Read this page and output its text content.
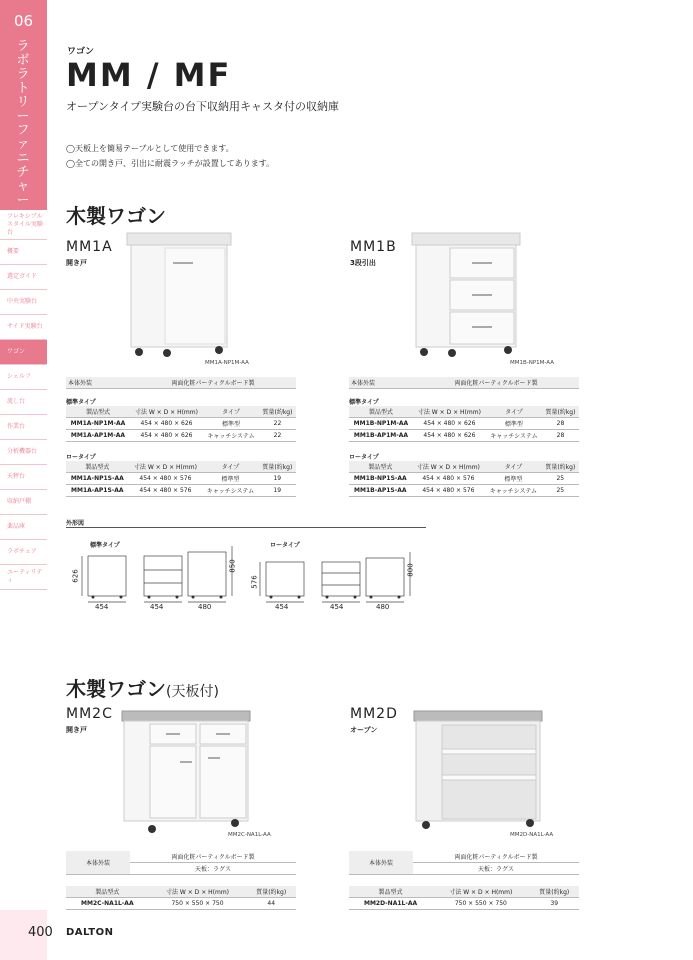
06
ラボラトリーファニチャー
フレキシブルスタイル実験台
概要
選定ガイド
中央実験台
サイド実験台
ワゴン
シェルフ
流し台
作業台
分析機器台
天秤台
収納戸棚
薬品庫
ラボチェア
ユーティリティ
ワゴン
MM / MF
オープンタイプ実験台の台下収納用キャスタ付の収納庫
◯天板上を簡易テーブルとして使用できます。
◯全ての開き戸、引出に耐震ラッチが設置してあります。
木製ワゴン
MM1A
開き戸
MM1A-NP1M-AA
MM1B
3段引出
MM1B-NP1M-AA
本体外装	両面化粧パーティクルボード製
標準タイプ
製品型式	寸法 W × D × H(mm)	タイプ	質量(約kg)
MM1A-NP1M-AA	454 × 480 × 626	標準型	22
MM1A-AP1M-AA	454 × 480 × 626	キャッチシステム	22
ロータイプ
製品型式	寸法 W × D × H(mm)	タイプ	質量(約kg)
MM1A-NP1S-AA	454 × 480 × 576	標準型	19
MM1A-AP1S-AA	454 × 480 × 576	キャッチシステム	19
本体外装	両面化粧パーティクルボード製
標準タイプ
製品型式	寸法 W × D × H(mm)	タイプ	質量(約kg)
MM1B-NP1M-AA	454 × 480 × 626	標準型	28
MM1B-AP1M-AA	454 × 480 × 626	キャッチシステム	28
ロータイプ
製品型式	寸法 W × D × H(mm)	タイプ	質量(約kg)
MM1B-NP1S-AA	454 × 480 × 576	標準型	25
MM1B-AP1S-AA	454 × 480 × 576	キャッチシステム	25
外形図
標準タイプ	ロータイプ
626
850
576
800
454	454	480	454	454	480
木製ワゴン(天板付)
MM2C
開き戸
MM2C-NA1L-AA
MM2D
オープン
MM2D-NA1L-AA
本体外装	両面化粧パーティクルボード製
天板：ラグス
製品型式	寸法 W × D × H(mm)	質量(約kg)
MM2C-NA1L-AA	750 × 550 × 750	44
本体外装	両面化粧パーティクルボード製
天板：ラグス
製品型式	寸法 W × D × H(mm)	質量(約kg)
MM2D-NA1L-AA	750 × 550 × 750	39
400 DALTON
